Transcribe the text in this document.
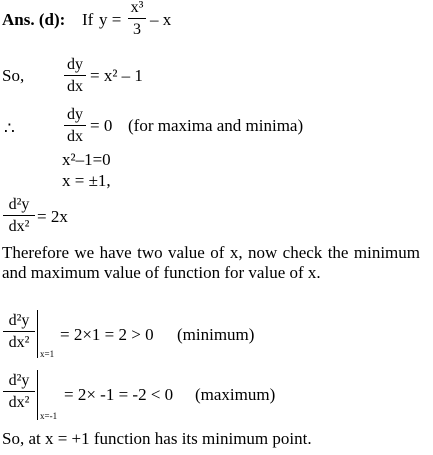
Ans. (d): If y =
x³
3
– x
So,
dy
dx
= x² – 1
∴
dy
dx
= 0 (for maxima and minima)
x²–1=0
x = ±1,
d²y
dx²
= 2x
Therefore we have two value of x, now check the minimum and maximum value of function for value of x.
d²y
dx²
x=1
= 2×1 = 2 > 0 (minimum)
d²y
dx²
x=-1
= 2× -1 = -2 < 0 (maximum)
So, at x = +1 function has its minimum point.
